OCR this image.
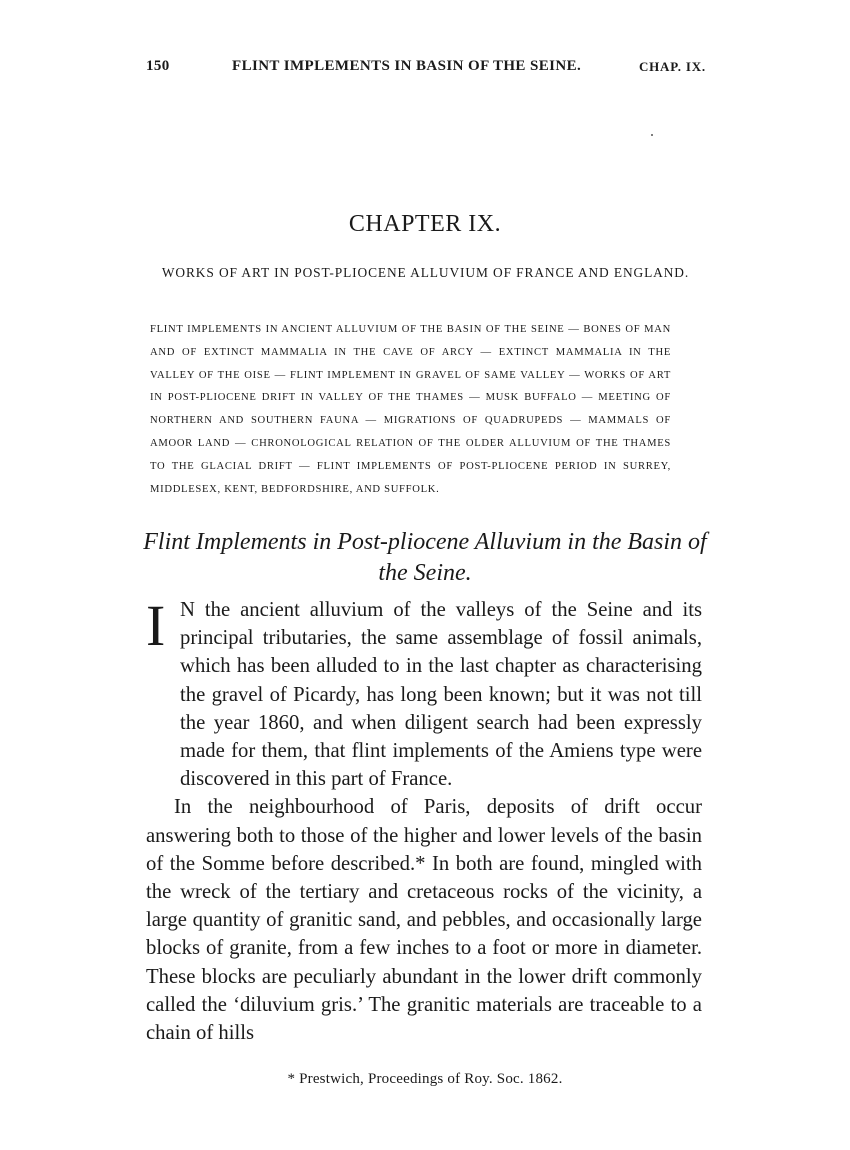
150	FLINT IMPLEMENTS IN BASIN OF THE SEINE.	CHAP. IX.
CHAPTER IX.
WORKS OF ART IN POST-PLIOCENE ALLUVIUM OF FRANCE AND ENGLAND.
FLINT IMPLEMENTS IN ANCIENT ALLUVIUM OF THE BASIN OF THE SEINE — BONES OF MAN AND OF EXTINCT MAMMALIA IN THE CAVE OF ARCY — EXTINCT MAMMALIA IN THE VALLEY OF THE OISE — FLINT IMPLEMENT IN GRAVEL OF SAME VALLEY — WORKS OF ART IN POST-PLIOCENE DRIFT IN VALLEY OF THE THAMES — MUSK BUFFALO — MEETING OF NORTHERN AND SOUTHERN FAUNA — MIGRATIONS OF QUADRUPEDS — MAMMALS OF AMOOR LAND — CHRONOLOGICAL RELATION OF THE OLDER ALLUVIUM OF THE THAMES TO THE GLACIAL DRIFT — FLINT IMPLEMENTS OF POST-PLIOCENE PERIOD IN SURREY, MIDDLESEX, KENT, BEDFORDSHIRE, AND SUFFOLK.
Flint Implements in Post-pliocene Alluvium in the Basin of the Seine.
I N the ancient alluvium of the valleys of the Seine and its principal tributaries, the same assemblage of fossil animals, which has been alluded to in the last chapter as characterising the gravel of Picardy, has long been known; but it was not till the year 1860, and when diligent search had been expressly made for them, that flint implements of the Amiens type were discovered in this part of France.

In the neighbourhood of Paris, deposits of drift occur answering both to those of the higher and lower levels of the basin of the Somme before described.* In both are found, mingled with the wreck of the tertiary and cretaceous rocks of the vicinity, a large quantity of granitic sand, and pebbles, and occasionally large blocks of granite, from a few inches to a foot or more in diameter. These blocks are peculiarly abundant in the lower drift commonly called the ‘diluvium gris.’ The granitic materials are traceable to a chain of hills

* Prestwich, Proceedings of Roy. Soc. 1862.
